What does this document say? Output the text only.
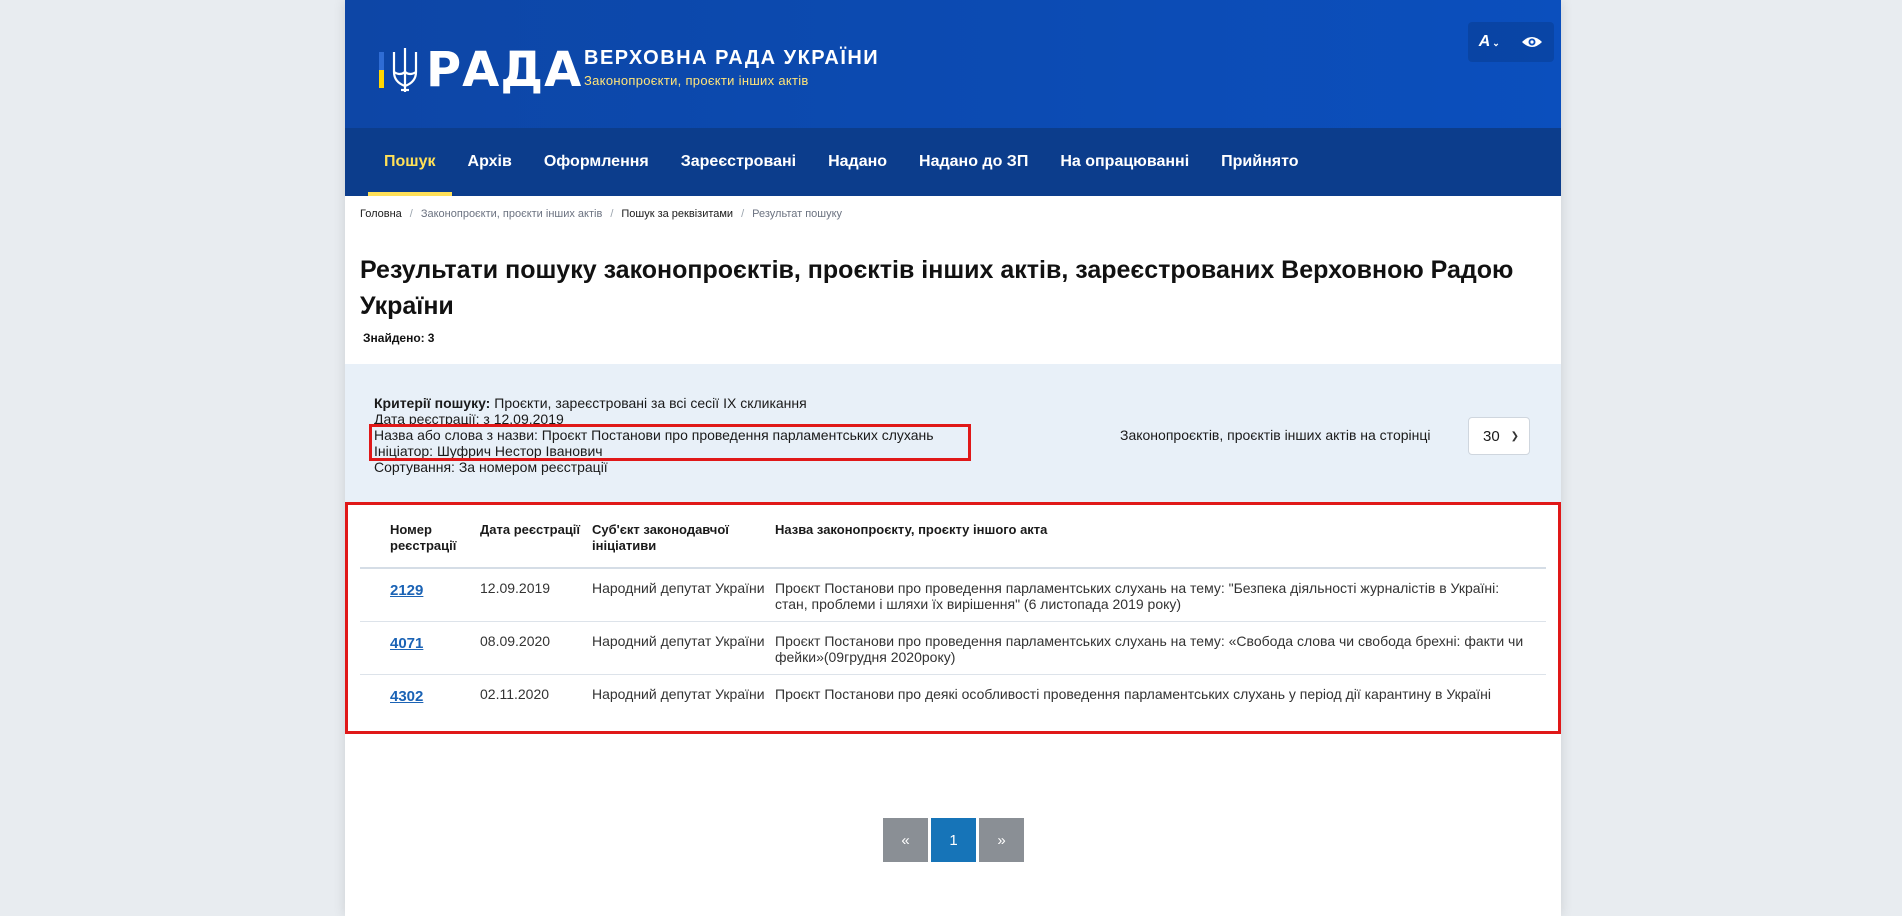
РАДА ВЕРХОВНА РАДА УКРАЇНИ
Законопроєкти, проєкти інших актів
A ⌄
Пошук	Архів	Оформлення	Зареєстровані	Надано	Надано до ЗП	На опрацюванні	Прийнято
Головна / Законопроєкти, проєкти інших актів / Пошук за реквізитами / Результат пошуку
Результати пошуку законопроєктів, проєктів інших актів, зареєстрованих Верховною Радою України
Знайдено: 3
Критерії пошуку: Проєкти, зареєстровані за всі сесії IX скликання
Дата реєстрації: з 12.09.2019
Назва або слова з назви: Проєкт Постанови про проведення парламентських слухань
Ініціатор: Шуфрич Нестор Іванович
Сортування: За номером реєстрації
Законопроєктів, проєктів інших актів на сторінці	30 ❯
Номер реєстрації	Дата реєстрації	Суб'єкт законодавчої ініціативи	Назва законопроєкту, проєкту іншого акта
2129	12.09.2019	Народний депутат України	Проєкт Постанови про проведення парламентських слухань на тему: "Безпека діяльності журналістів в Україні: стан, проблеми і шляхи їх вирішення" (6 листопада 2019 року)
4071	08.09.2020	Народний депутат України	Проєкт Постанови про проведення парламентських слухань на тему: «Свобода слова чи свобода брехні: факти чи фейки»(09грудня 2020року)
4302	02.11.2020	Народний депутат України	Проєкт Постанови про деякі особливості проведення парламентських слухань у період дії карантину в Україні
«	1	»
